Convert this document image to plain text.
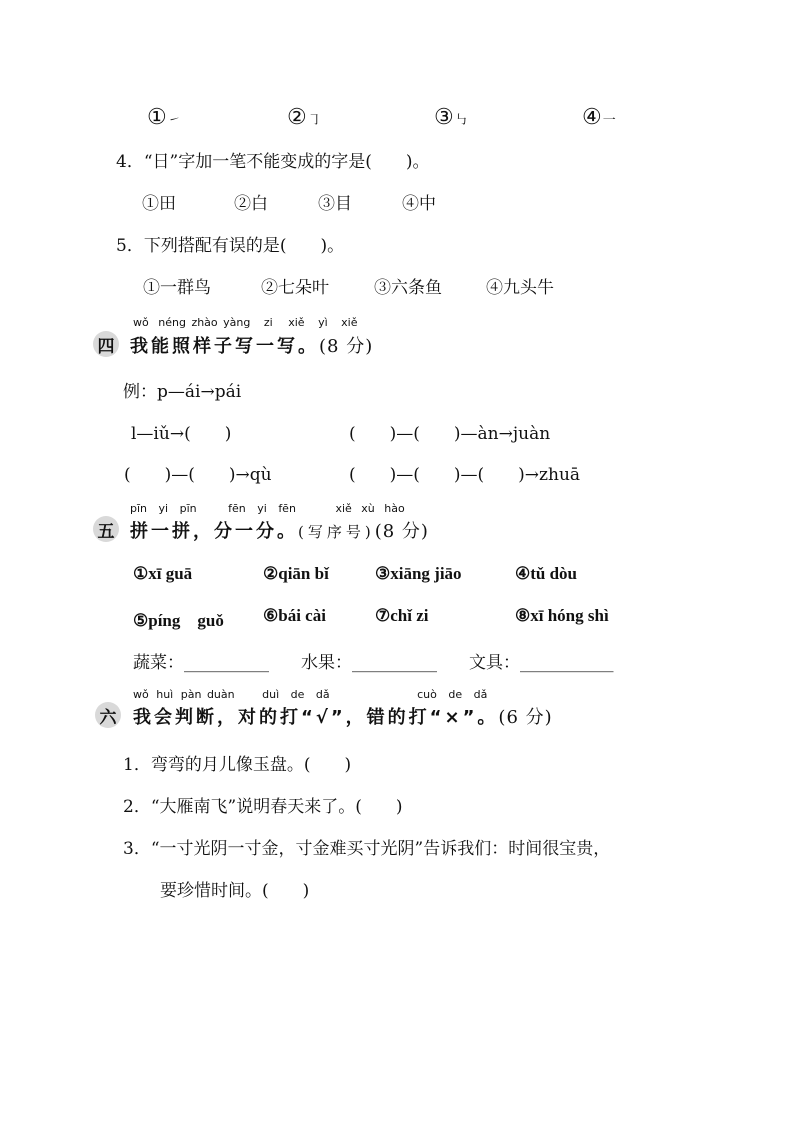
①㇀	②㇆	③㇉	④一
4．“日”字加一笔不能变成的字是(　　)。
①田	②白	③目	④中
5．下列搭配有误的是(　　)。
①一群鸟	②七朵叶	③六条鱼	④九头牛
wǒ néng zhào yàng zi xiě yì xiě
四 我能照样子写一写。(8 分)
例：p—ái→pái
l—iǔ→(　　)	(　　)—(　　)—àn→juàn
(　　)—(　　)→qù	(　　)—(　　)—(　　)→zhuā
pīn yi pīn	fēn yi fēn	xiě xù hào
五 拼一拼，分一分。(写序号)(8 分)
①xī guā	②qiān bǐ	③xiāng jiāo	④tǔ dòu
⑤píng　guǒ ⑥bái cài	⑦chǐ zi	⑧xī hóng shì
蔬菜：__________ 水果：__________ 文具：___________
wǒ huì pàn duàn	duì de dǎ	cuò de dǎ
六 我会判断，对的打“√”，错的打“×”。(6 分)
1．弯弯的月儿像玉盘。(　　)
2．“大雁南飞”说明春天来了。(　　)
3．“一寸光阴一寸金，寸金难买寸光阴”告诉我们：时间很宝贵，
要珍惜时间。(　　)
